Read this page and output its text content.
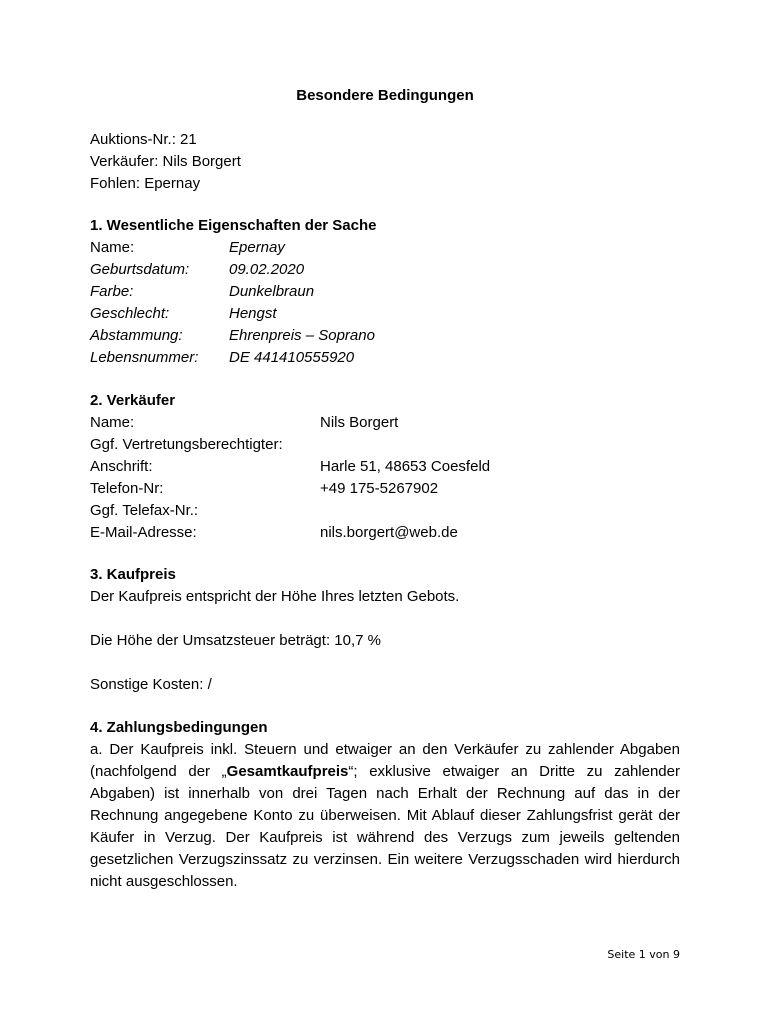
Besondere Bedingungen
Auktions-Nr.: 21
Verkäufer: Nils Borgert
Fohlen: Epernay
1. Wesentliche Eigenschaften der Sache
Name:	Epernay
Geburtsdatum:	09.02.2020
Farbe:	Dunkelbraun
Geschlecht:	Hengst
Abstammung:	Ehrenpreis – Soprano
Lebensnummer:	DE 441410555920
2. Verkäufer
Name:	Nils Borgert
Ggf. Vertretungsberechtigter:
Anschrift:	Harle 51, 48653 Coesfeld
Telefon-Nr:	+49 175-5267902
Ggf. Telefax-Nr.:
E-Mail-Adresse:	nils.borgert@web.de
3. Kaufpreis
Der Kaufpreis entspricht der Höhe Ihres letzten Gebots.
Die Höhe der Umsatzsteuer beträgt: 10,7 %
Sonstige Kosten: /
4. Zahlungsbedingungen
a. Der Kaufpreis inkl. Steuern und etwaiger an den Verkäufer zu zahlender Abgaben (nachfolgend der „Gesamtkaufpreis“; exklusive etwaiger an Dritte zu zahlender Abgaben) ist innerhalb von drei Tagen nach Erhalt der Rechnung auf das in der Rechnung angegebene Konto zu überweisen. Mit Ablauf dieser Zahlungsfrist gerät der Käufer in Verzug. Der Kaufpreis ist während des Verzugs zum jeweils geltenden gesetzlichen Verzugszinssatz zu verzinsen. Ein weitere Verzugsschaden wird hierdurch nicht ausgeschlossen.
Seite 1 von 9
